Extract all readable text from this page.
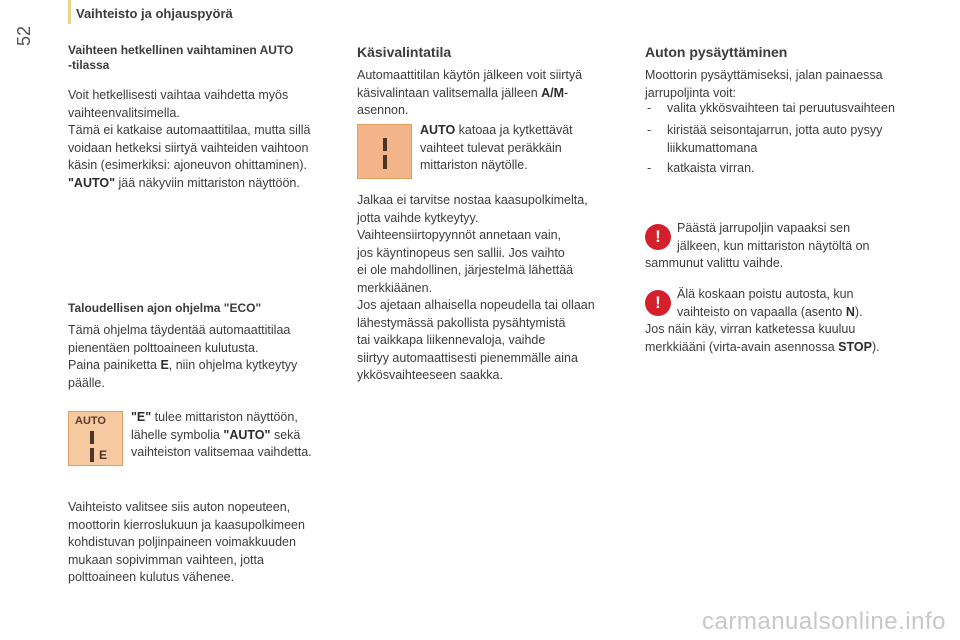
52
Vaihteisto ja ohjauspyörä
Vaihteen hetkellinen vaihtaminen AUTO
-tilassa
Voit hetkellisesti vaihtaa vaihdetta myös
vaihteenvalitsimella.
Tämä ei katkaise automaattitilaa, mutta sillä
voidaan hetkeksi siirtyä vaihteiden vaihtoon
käsin (esimerkiksi: ajoneuvon ohittaminen).
"AUTO" jää näkyviin mittariston näyttöön.
Taloudellisen ajon ohjelma "ECO"
Tämä ohjelma täydentää automaattitilaa
pienentäen polttoaineen kulutusta.
Paina painiketta E, niin ohjelma kytkeytyy
päälle.
AUTO
E
"E" tulee mittariston näyttöön,
lähelle symbolia "AUTO" sekä
vaihteiston valitsemaa vaihdetta.
Vaihteisto valitsee siis auton nopeuteen,
moottorin kierroslukuun ja kaasupolkimeen
kohdistuvan poljinpaineen voimakkuuden
mukaan sopivimman vaihteen, jotta
polttoaineen kulutus vähenee.
Käsivalintatila
Automaattitilan käytön jälkeen voit siirtyä
käsivalintaan valitsemalla jälleen A/M-
asennon.
AUTO katoaa ja kytkettävät
vaihteet tulevat peräkkäin
mittariston näytölle.
Jalkaa ei tarvitse nostaa kaasupolkimelta,
jotta vaihde kytkeytyy.
Vaihteensiirtopyynnöt annetaan vain,
jos käyntinopeus sen sallii. Jos vaihto
ei ole mahdollinen, järjestelmä lähettää
merkkiäänen.
Jos ajetaan alhaisella nopeudella tai ollaan
lähestymässä pakollista pysähtymistä
tai vaikkapa liikennevaloja, vaihde
siirtyy automaattisesti pienemmälle aina
ykkösvaihteeseen saakka.
Auton pysäyttäminen
Moottorin pysäyttämiseksi, jalan painaessa
jarrupoljinta voit:
- valita ykkösvaihteen tai peruutusvaihteen
- kiristää seisontajarrun, jotta auto pysyy
liikkumattomana
- katkaista virran.
!	Päästä jarrupoljin vapaaksi sen
jälkeen, kun mittariston näytöltä on
sammunut valittu vaihde.
!	Älä koskaan poistu autosta, kun
vaihteisto on vapaalla (asento N).
Jos näin käy, virran katketessa kuuluu
merkkiääni (virta-avain asennossa STOP).
carmanualsonline.info
